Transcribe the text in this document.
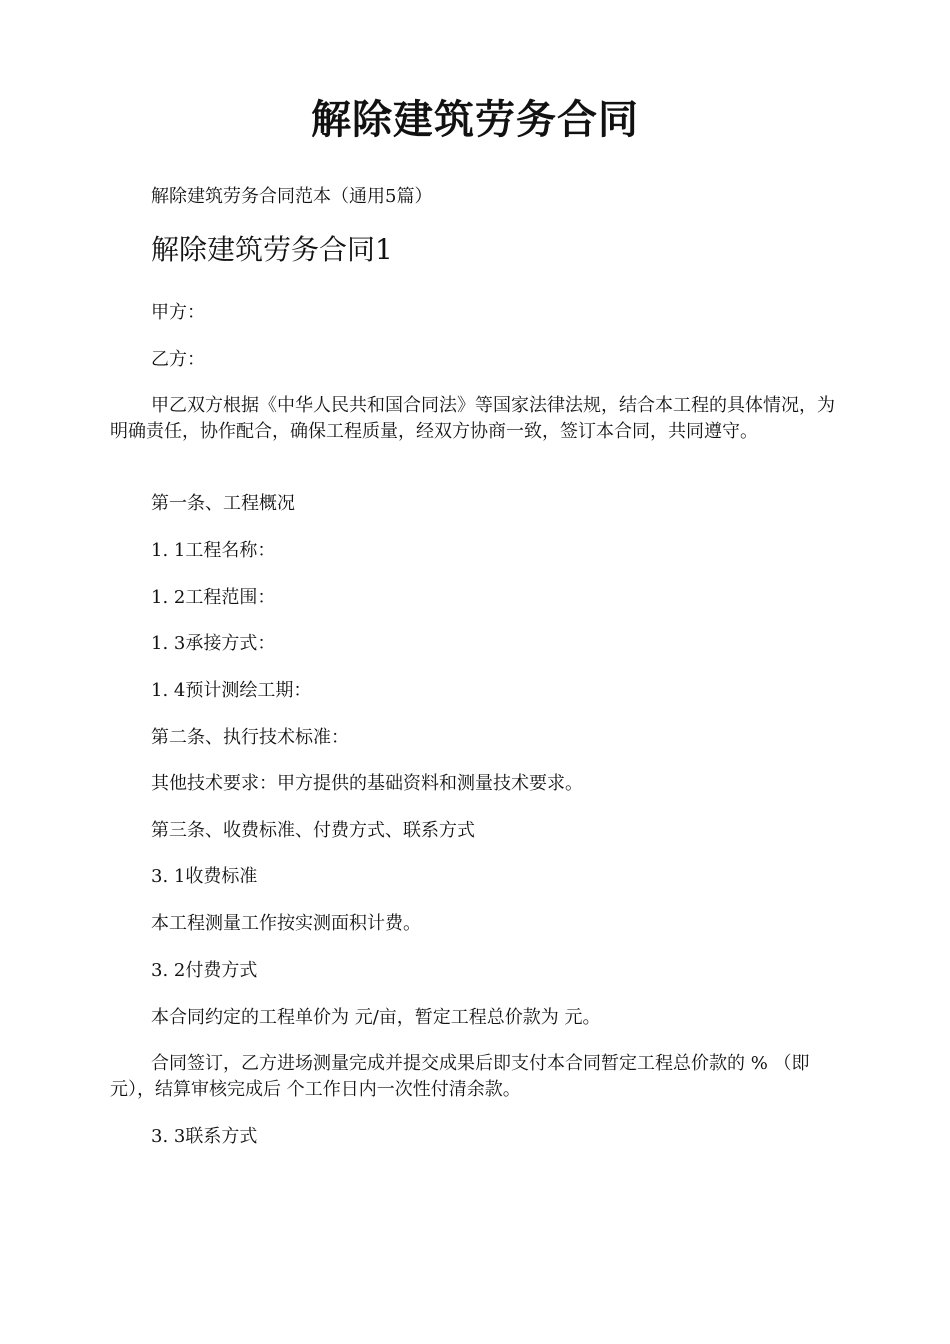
解除建筑劳务合同

解除建筑劳务合同范本（通用5篇）

解除建筑劳务合同1

甲方：

乙方：

甲乙双方根据《中华人民共和国合同法》等国家法律法规，结合本工程的具体情况，为明确责任，协作配合，确保工程质量，经双方协商一致，签订本合同，共同遵守。

第一条、工程概况

1. 1工程名称：

1. 2工程范围：

1. 3承接方式：

1. 4预计测绘工期：

第二条、执行技术标准：

其他技术要求：甲方提供的基础资料和测量技术要求。

第三条、收费标准、付费方式、联系方式

3. 1收费标准

本工程测量工作按实测面积计费。

3. 2付费方式

本合同约定的工程单价为 元/亩，暂定工程总价款为 元。

合同签订，乙方进场测量完成并提交成果后即支付本合同暂定工程总价款的 % （即 元），结算审核完成后 个工作日内一次性付清余款。

3. 3联系方式
